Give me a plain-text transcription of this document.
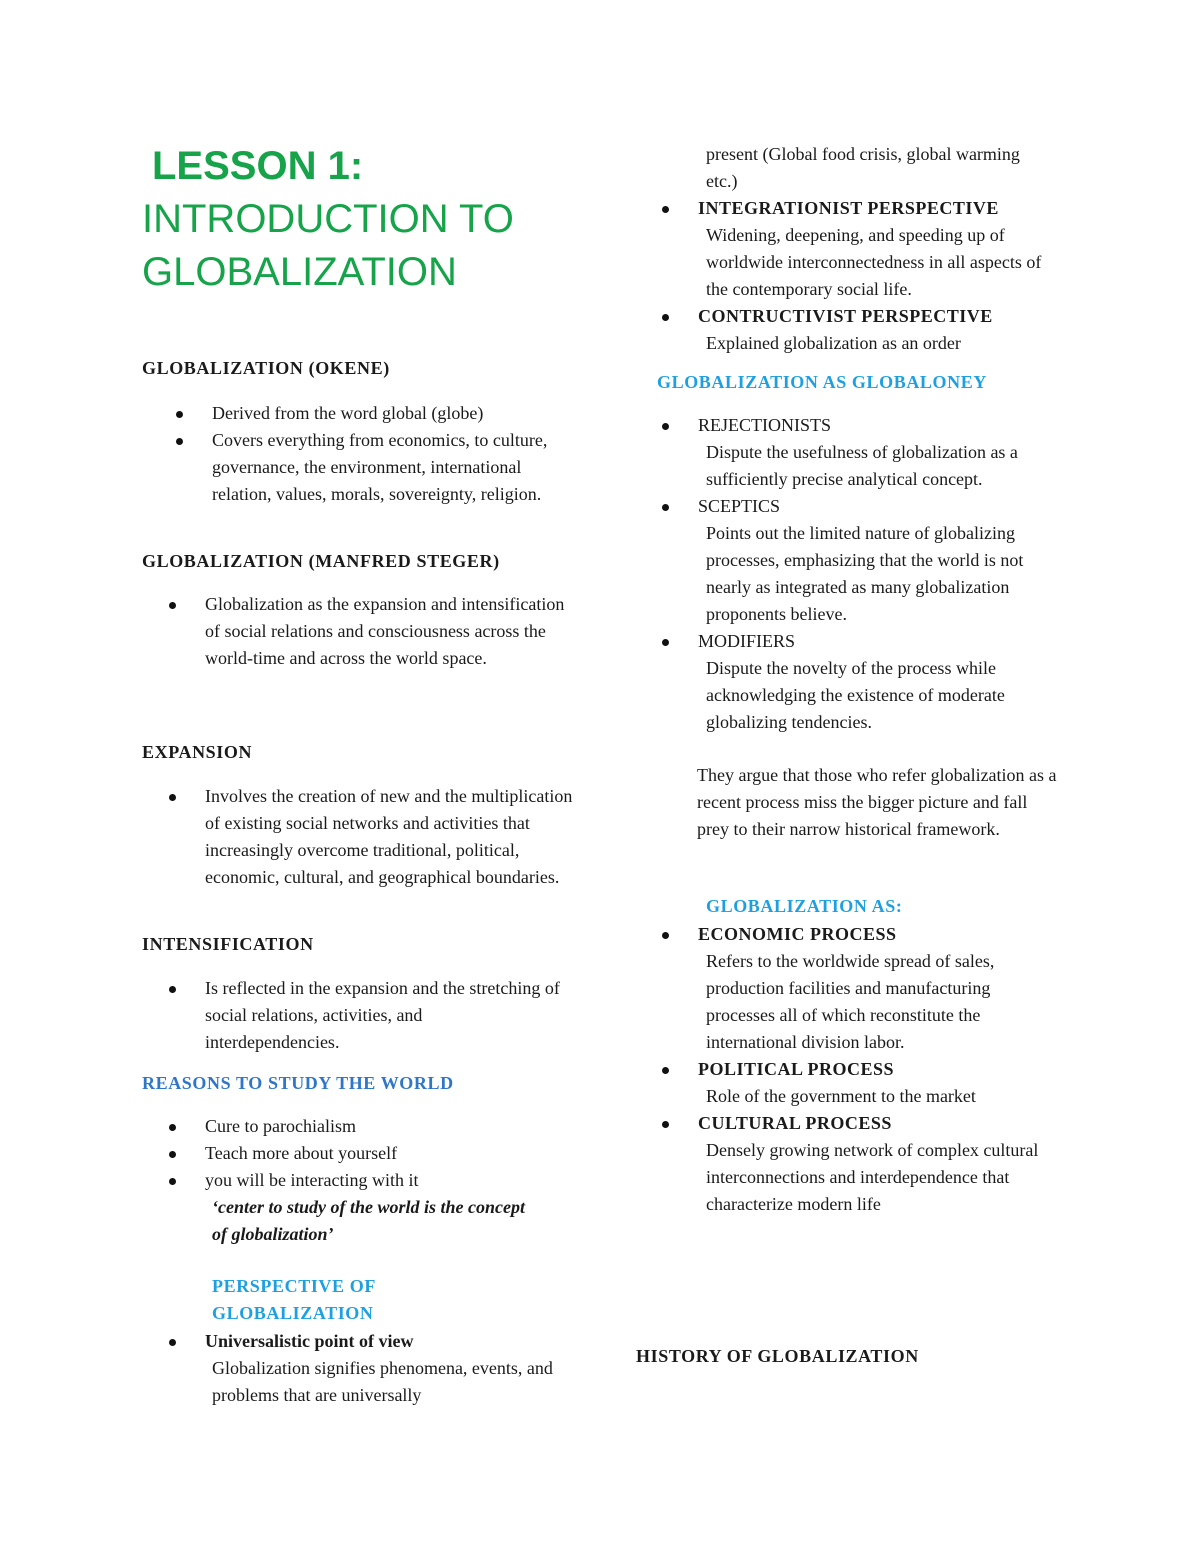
LESSON 1:
INTRODUCTION TO
GLOBALIZATION
GLOBALIZATION (OKENE)
Derived from the word global (globe)
Covers everything from economics, to culture, governance, the environment, international relation, values, morals, sovereignty, religion.
GLOBALIZATION (MANFRED STEGER)
Globalization as the expansion and intensification of social relations and consciousness across the world-time and across the world space.
EXPANSION
Involves the creation of new and the multiplication of existing social networks and activities that increasingly overcome traditional, political, economic, cultural, and geographical boundaries.
INTENSIFICATION
Is reflected in the expansion and the stretching of social relations, activities, and interdependencies.
REASONS TO STUDY THE WORLD
Cure to parochialism
Teach more about yourself
you will be interacting with it
‘center to study of the world is the concept of globalization’
PERSPECTIVE OF
GLOBALIZATION
Universalistic point of view
Globalization signifies phenomena, events, and problems that are universally
present (Global food crisis, global warming etc.)
INTEGRATIONIST PERSPECTIVE
Widening, deepening, and speeding up of worldwide interconnectedness in all aspects of the contemporary social life.
CONTRUCTIVIST PERSPECTIVE
Explained globalization as an order
GLOBALIZATION AS GLOBALONEY
REJECTIONISTS
Dispute the usefulness of globalization as a sufficiently precise analytical concept.
SCEPTICS
Points out the limited nature of globalizing processes, emphasizing that the world is not nearly as integrated as many globalization proponents believe.
MODIFIERS
Dispute the novelty of the process while acknowledging the existence of moderate globalizing tendencies.
They argue that those who refer globalization as a recent process miss the bigger picture and fall prey to their narrow historical framework.
GLOBALIZATION AS:
ECONOMIC PROCESS
Refers to the worldwide spread of sales, production facilities and manufacturing processes all of which reconstitute the international division labor.
POLITICAL PROCESS
Role of the government to the market
CULTURAL PROCESS
Densely growing network of complex cultural interconnections and interdependence that characterize modern life
HISTORY OF GLOBALIZATION
